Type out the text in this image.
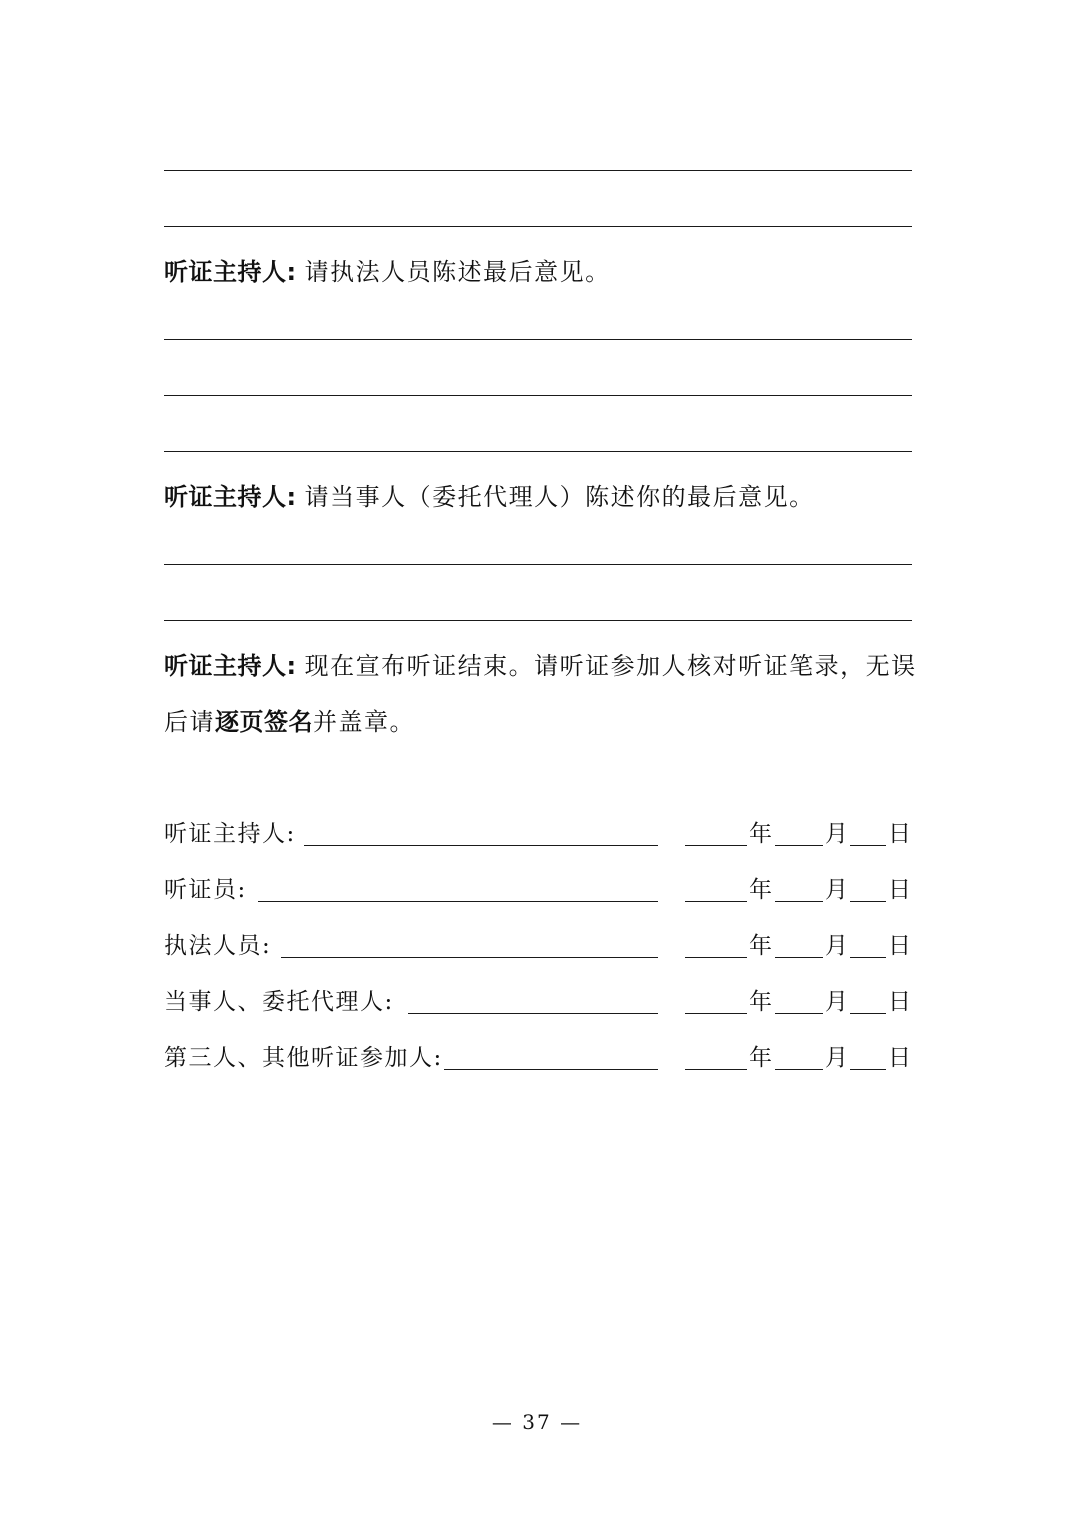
听证主持人: 请执法人员陈述最后意见。
听证主持人: 请当事人（委托代理人）陈述你的最后意见。
听证主持人: 现在宣布听证结束。请听证参加人核对听证笔录，无误
后请逐页签名并盖章。
听证主持人:	年 月 日
听证员:	年 月 日
执法人员:	年 月 日
当事人、委托代理人:	年 月 日
第三人、其他听证参加人:	年 月 日
— 37 —
